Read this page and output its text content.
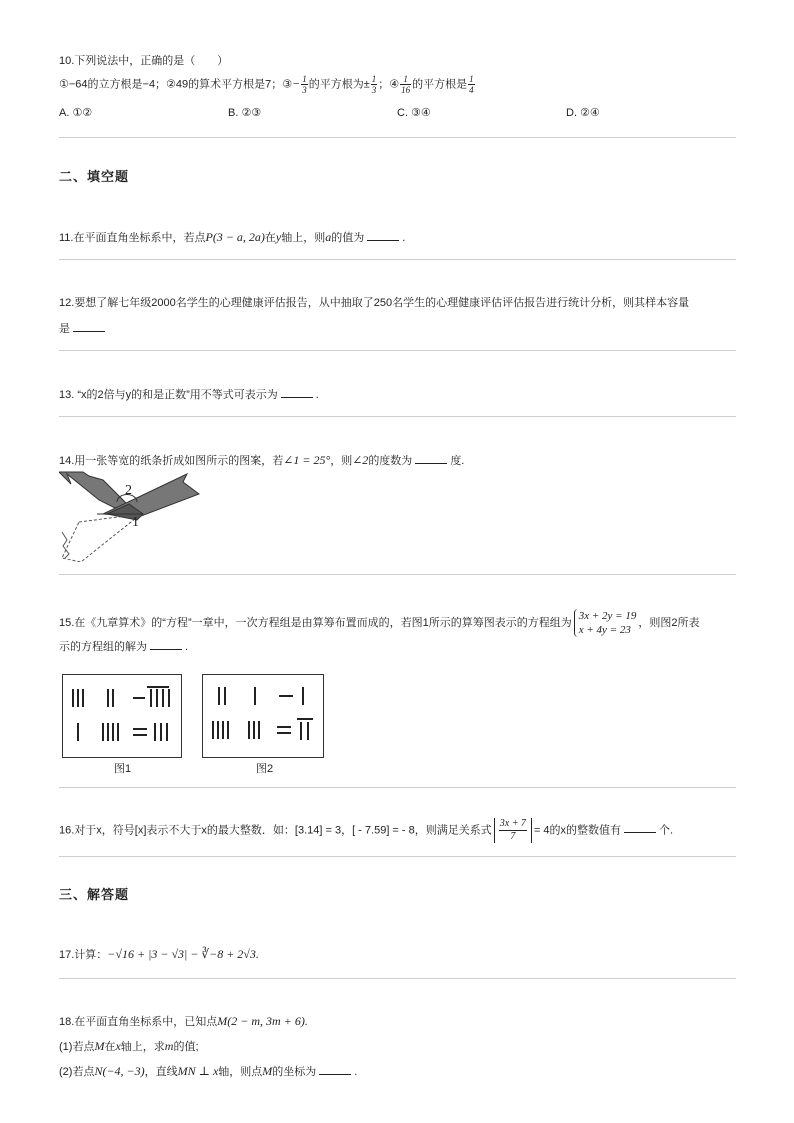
10.下列说法中，正确的是（　　）
①−64的立方根是−4；②49的算术平方根是7；③− $\frac{1}{3}$ 的平方根为± $\frac{1}{3}$ ；④ $\frac{1}{16}$ 的平方根是 $\frac{1}{4}$
A. ①②	B. ②③	C. ③④	D. ②④
二、填空题
11.在平面直角坐标系中，若点P(3 − a, 2a)在y轴上，则a的值为	.
12.要想了解七年级2000名学生的心理健康评估报告，从中抽取了250名学生的心理健康评估评估报告进行统计分析，则其样本容量
是
13. “x的2倍与y的和是正数”用不等式可表示为	.
14.用一张等宽的纸条折成如图所示的图案，若∠1 = 25°，则∠2的度数为	度.
2
1
15.在《九章算术》的“方程”一章中，一次方程组是由算筹布置而成的，若图1所示的算筹图表示的方程组为
3x + 2y = 19
x + 4y = 23
，则图2所表
示的方程组的解为	.
图1	图2
16.对于x，符号[x]表示不大于x的最大整数．如：[3.14] = 3，[ - 7.59] = - 8，则满足关系式 $\frac{3x + 7}{7} = 4$的x的整数值有	个.
三、解答题
17.计算：−√16 + |3 − √3| − ∛−8 + 2√3.
18.在平面直角坐标系中，已知点M(2 − m, 3m + 6).
(1)若点M在x轴上，求m的值;
(2)若点N(−4, −3)，直线MN ⊥ x轴，则点M的坐标为	.
